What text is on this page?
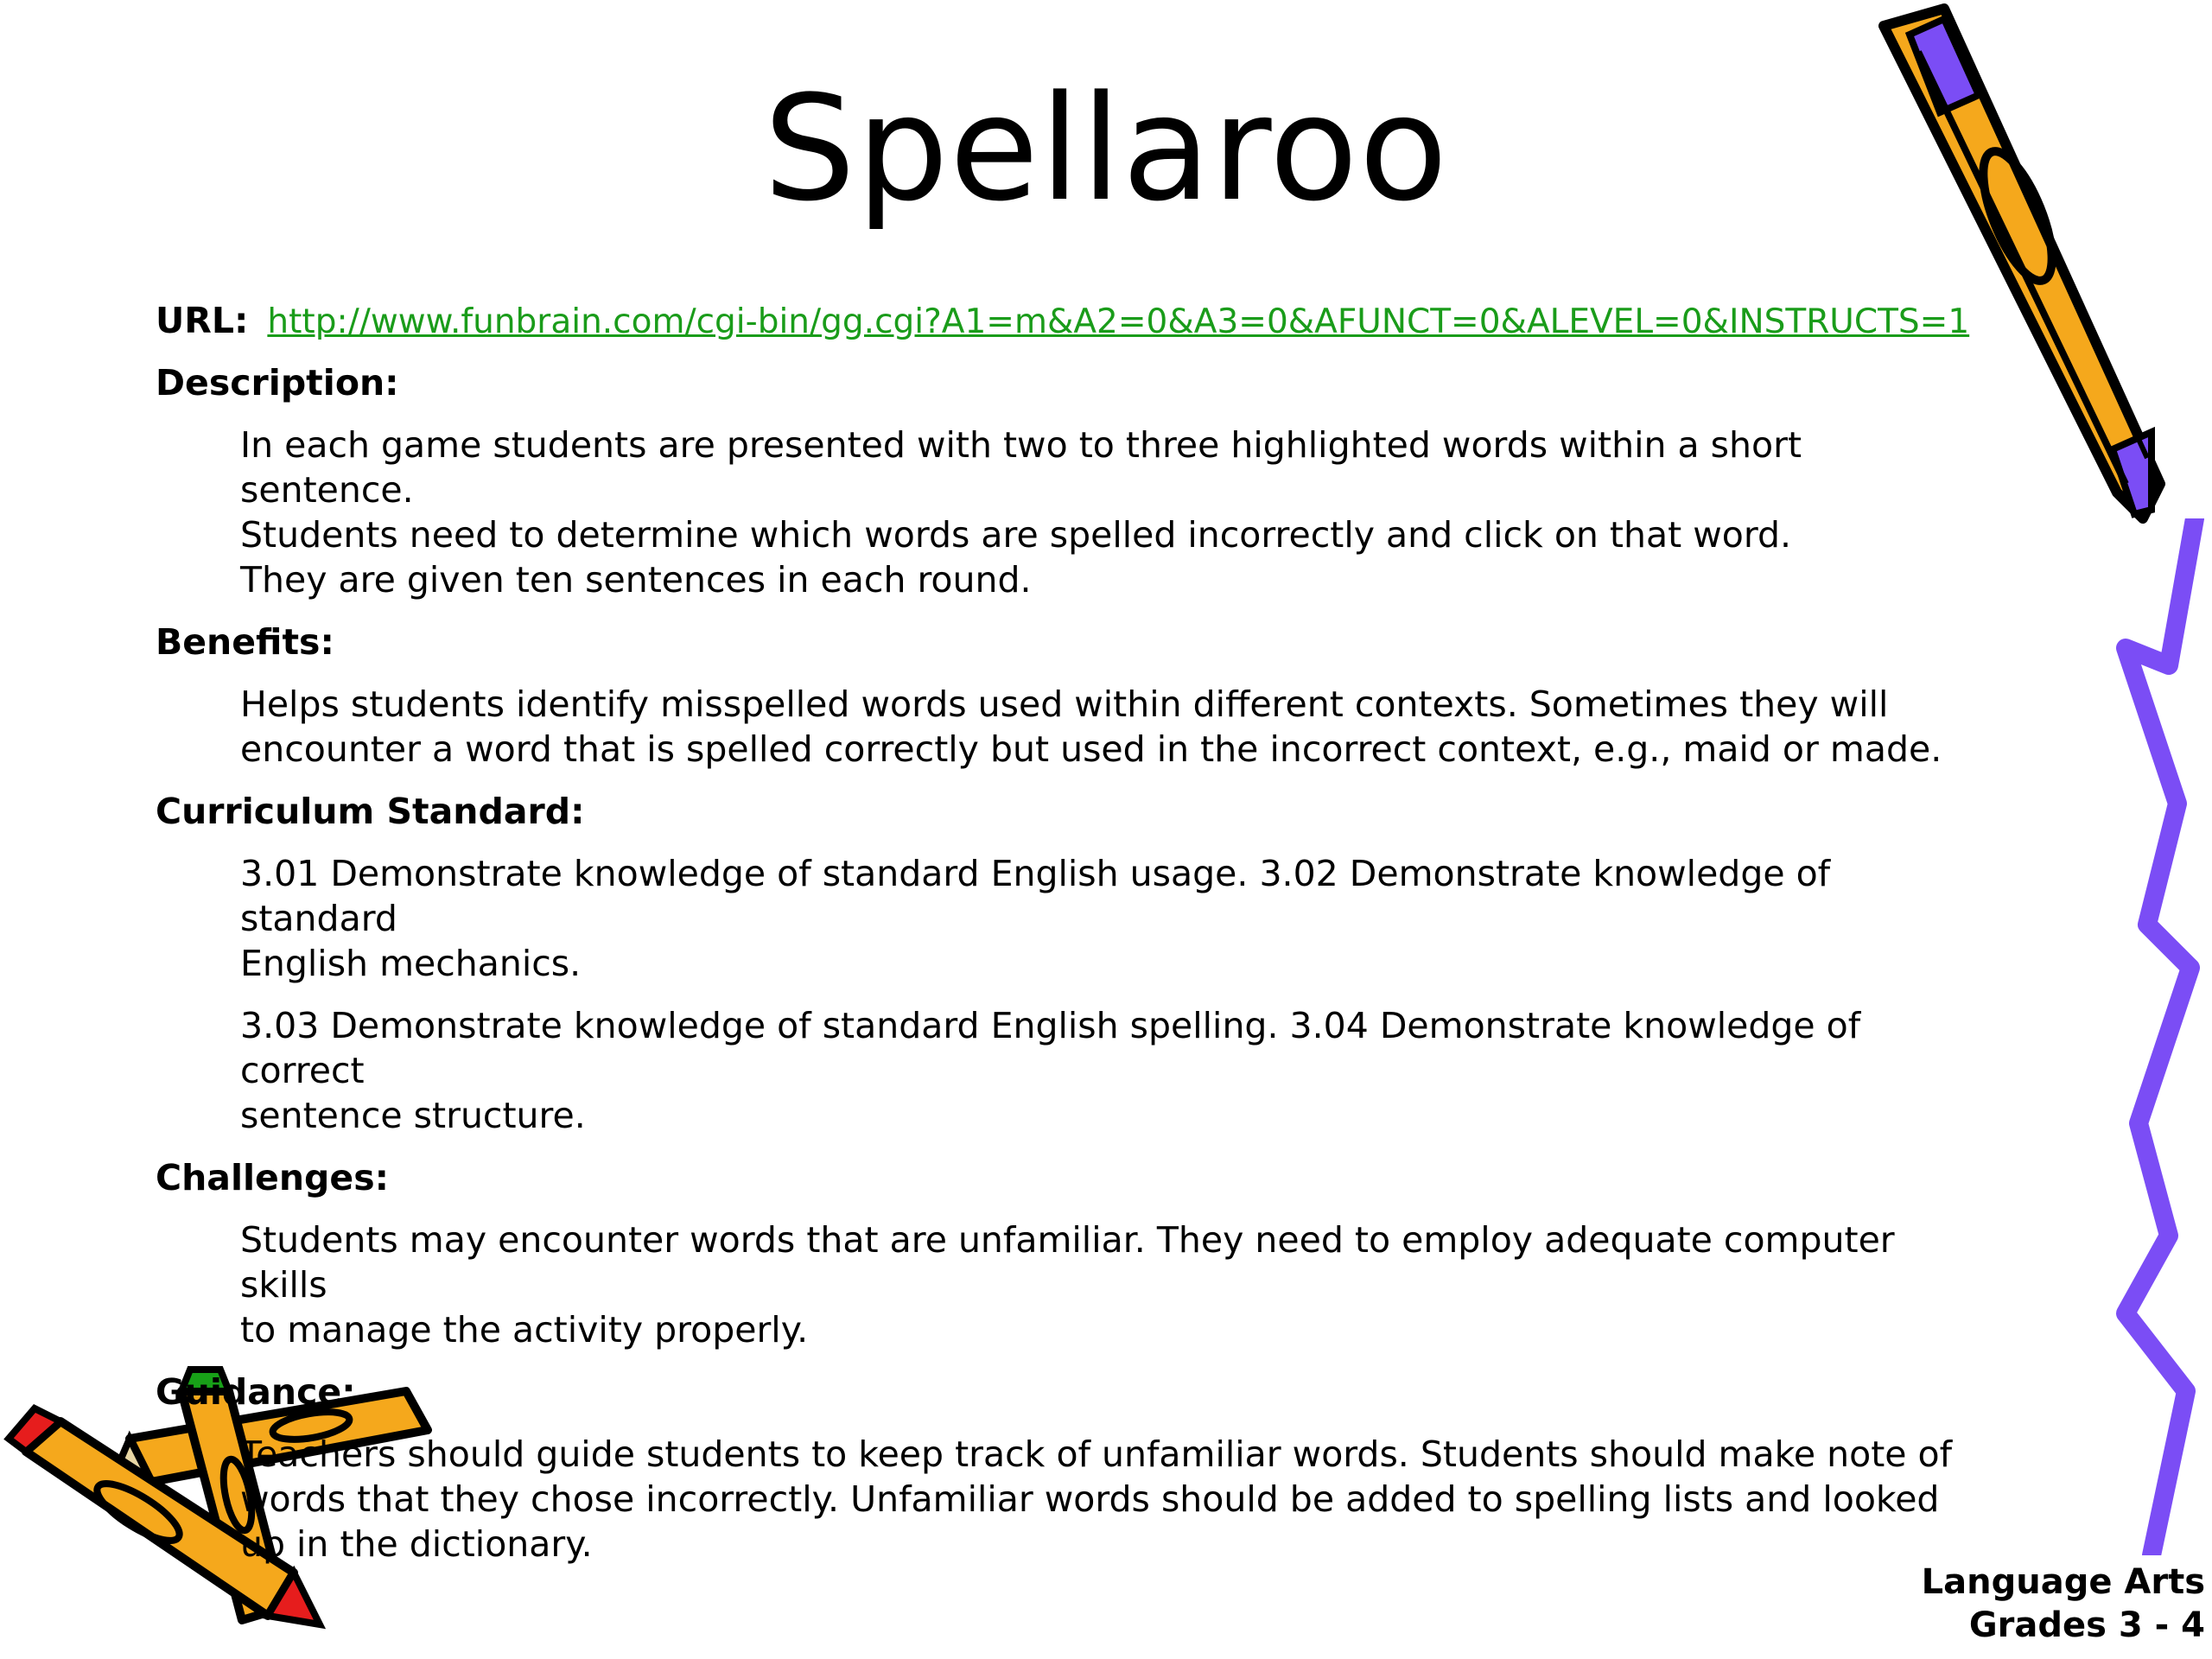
Spellaroo
URL: http://www.funbrain.com/cgi-bin/gg.cgi?A1=m&A2=0&A3=0&AFUNCT=0&ALEVEL=0&INSTRUCTS=1
Description:
In each game students are presented with two to three highlighted words within a short sentence.
Students need to determine which words are spelled incorrectly and click on that word.
They are given ten sentences in each round.
Benefits:
Helps students identify misspelled words used within different contexts. Sometimes they will
encounter a word that is spelled correctly but used in the incorrect context, e.g., maid or made.
Curriculum Standard:
3.01 Demonstrate knowledge of standard English usage. 3.02 Demonstrate knowledge of standard
English mechanics.
3.03 Demonstrate knowledge of standard English spelling. 3.04 Demonstrate knowledge of correct
sentence structure.
Challenges:
Students may encounter words that are unfamiliar. They need to employ adequate computer skills
to manage the activity properly.
Guidance:
Teachers should guide students to keep track of unfamiliar words. Students should make note of
words that they chose incorrectly. Unfamiliar words should be added to spelling lists and looked
up in the dictionary.
Language Arts
Grades 3 - 4
